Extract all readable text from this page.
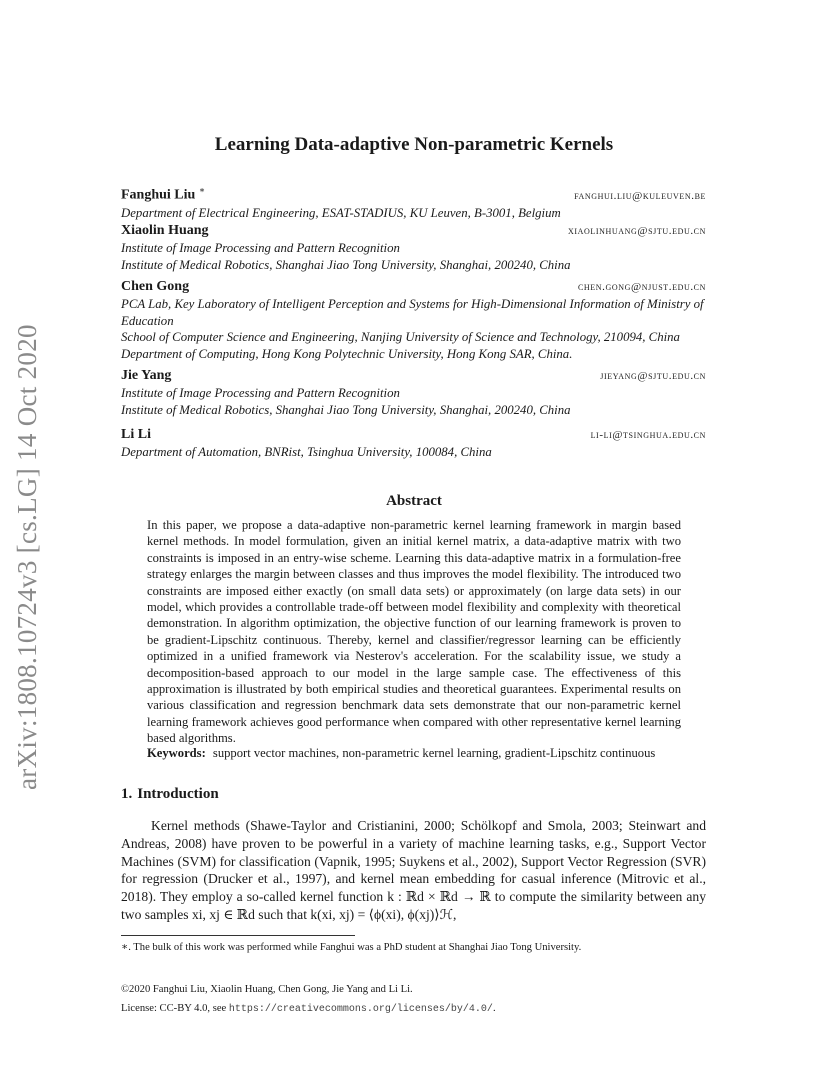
arXiv:1808.10724v3 [cs.LG] 14 Oct 2020
Learning Data-adaptive Non-parametric Kernels
Fanghui Liu ∗	fanghui.liu@kuleuven.be
Department of Electrical Engineering, ESAT-STADIUS, KU Leuven, B-3001, Belgium
Xiaolin Huang	xiaolinhuang@sjtu.edu.cn
Institute of Image Processing and Pattern Recognition
Institute of Medical Robotics, Shanghai Jiao Tong University, Shanghai, 200240, China
Chen Gong	chen.gong@njust.edu.cn
PCA Lab, Key Laboratory of Intelligent Perception and Systems for High-Dimensional Information of Ministry of Education
School of Computer Science and Engineering, Nanjing University of Science and Technology, 210094, China
Department of Computing, Hong Kong Polytechnic University, Hong Kong SAR, China.
Jie Yang	jieyang@sjtu.edu.cn
Institute of Image Processing and Pattern Recognition
Institute of Medical Robotics, Shanghai Jiao Tong University, Shanghai, 200240, China
Li Li	li-li@tsinghua.edu.cn
Department of Automation, BNRist, Tsinghua University, 100084, China
Abstract
In this paper, we propose a data-adaptive non-parametric kernel learning framework in margin based kernel methods. In model formulation, given an initial kernel matrix, a data-adaptive matrix with two constraints is imposed in an entry-wise scheme. Learning this data-adaptive matrix in a formulation-free strategy enlarges the margin between classes and thus improves the model flexibility. The introduced two constraints are imposed either exactly (on small data sets) or approximately (on large data sets) in our model, which provides a controllable trade-off between model flexibility and complexity with theoretical demonstration. In algorithm optimization, the objective function of our learning framework is proven to be gradient-Lipschitz continuous. Thereby, kernel and classifier/regressor learning can be efficiently optimized in a unified framework via Nesterov's acceleration. For the scalability issue, we study a decomposition-based approach to our model in the large sample case. The effectiveness of this approximation is illustrated by both empirical studies and theoretical guarantees. Experimental results on various classification and regression benchmark data sets demonstrate that our non-parametric kernel learning framework achieves good performance when compared with other representative kernel learning based algorithms.
Keywords: support vector machines, non-parametric kernel learning, gradient-Lipschitz continuous
1. Introduction

Kernel methods (Shawe-Taylor and Cristianini, 2000; Schölkopf and Smola, 2003; Steinwart and Andreas, 2008) have proven to be powerful in a variety of machine learning tasks, e.g., Support Vector Machines (SVM) for classification (Vapnik, 1995; Suykens et al., 2002), Support Vector Regression (SVR) for regression (Drucker et al., 1997), and kernel mean embedding for casual inference (Mitrovic et al., 2018). They employ a so-called kernel function k : ℝd × ℝd → ℝ to compute the similarity between any two samples xi, xj ∈ ℝd such that k(xi, xj) = ⟨ϕ(xi), ϕ(xj)⟩ℋ,

∗. The bulk of this work was performed while Fanghui was a PhD student at Shanghai Jiao Tong University.
©2020 Fanghui Liu, Xiaolin Huang, Chen Gong, Jie Yang and Li Li.
License: CC-BY 4.0, see https://creativecommons.org/licenses/by/4.0/.
